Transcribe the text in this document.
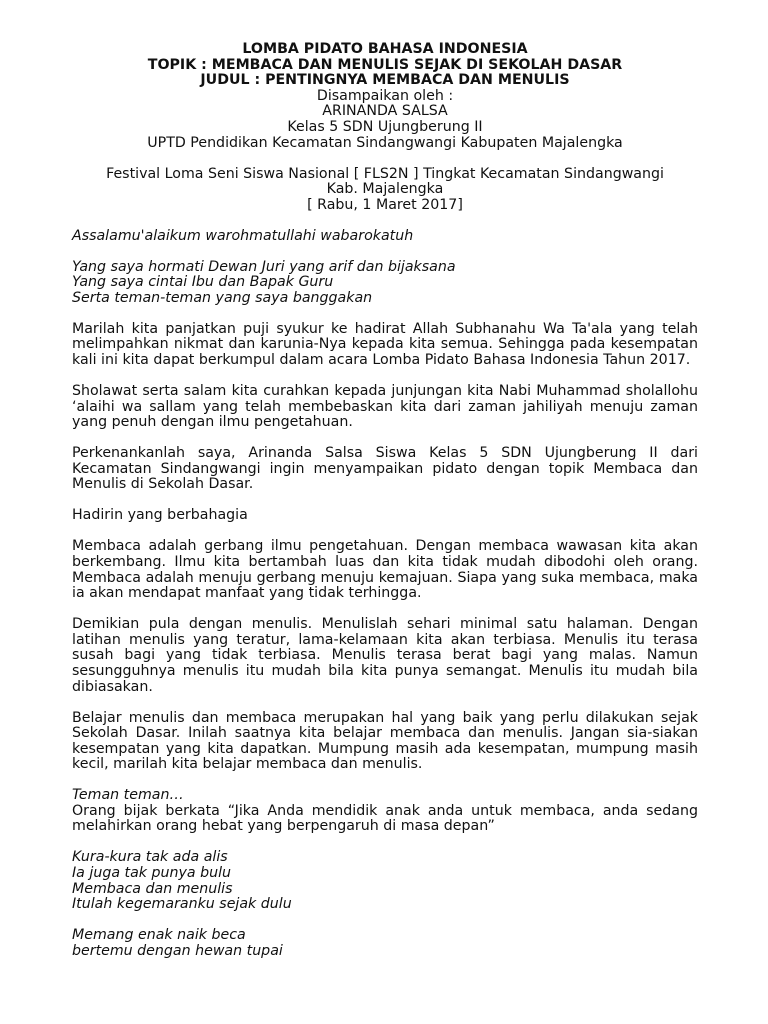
LOMBA PIDATO BAHASA INDONESIA
TOPIK : MEMBACA DAN MENULIS SEJAK DI SEKOLAH DASAR
JUDUL : PENTINGNYA MEMBACA DAN MENULIS
Disampaikan oleh :
ARINANDA SALSA
Kelas 5 SDN Ujungberung II
UPTD Pendidikan Kecamatan Sindangwangi Kabupaten Majalengka
Festival Loma Seni Siswa Nasional [ FLS2N ] Tingkat Kecamatan Sindangwangi
Kab. Majalengka
[ Rabu, 1 Maret 2017]
Assalamu'alaikum warohmatullahi wabarokatuh
Yang saya hormati Dewan Juri yang arif dan bijaksana
Yang saya cintai Ibu dan Bapak Guru
Serta teman-teman yang saya banggakan
Marilah kita panjatkan puji syukur ke hadirat Allah Subhanahu Wa Ta'ala yang telah melimpahkan nikmat dan karunia-Nya kepada kita semua. Sehingga pada kesempatan kali ini kita dapat berkumpul dalam acara Lomba Pidato Bahasa Indonesia Tahun 2017.
Sholawat serta salam kita curahkan kepada junjungan kita Nabi Muhammad sholallohu ‘alaihi wa sallam yang telah membebaskan kita dari zaman jahiliyah menuju zaman yang penuh dengan ilmu pengetahuan.
Perkenankanlah saya, Arinanda Salsa Siswa Kelas 5 SDN Ujungberung II dari Kecamatan Sindangwangi ingin menyampaikan pidato dengan topik Membaca dan Menulis di Sekolah Dasar.
Hadirin yang berbahagia
Membaca adalah gerbang ilmu pengetahuan. Dengan membaca wawasan kita akan berkembang. Ilmu kita bertambah luas dan kita tidak mudah dibodohi oleh orang. Membaca adalah menuju gerbang menuju kemajuan. Siapa yang suka membaca, maka ia akan mendapat manfaat yang tidak terhingga.
Demikian pula dengan menulis. Menulislah sehari minimal satu halaman. Dengan latihan menulis yang teratur, lama-kelamaan kita akan terbiasa. Menulis itu terasa susah bagi yang tidak terbiasa. Menulis terasa berat bagi yang malas. Namun sesungguhnya menulis itu mudah bila kita punya semangat. Menulis itu mudah bila dibiasakan.
Belajar menulis dan membaca merupakan hal yang baik yang perlu dilakukan sejak Sekolah Dasar. Inilah saatnya kita belajar membaca dan menulis. Jangan sia-siakan kesempatan yang kita dapatkan. Mumpung masih ada kesempatan, mumpung masih kecil, marilah kita belajar membaca dan menulis.
Teman teman…
Orang bijak berkata “Jika Anda mendidik anak anda untuk membaca, anda sedang melahirkan orang hebat yang berpengaruh di masa depan”
Kura-kura tak ada alis
Ia juga tak punya bulu
Membaca dan menulis
Itulah kegemaranku sejak dulu
Memang enak naik beca
bertemu dengan hewan tupai
